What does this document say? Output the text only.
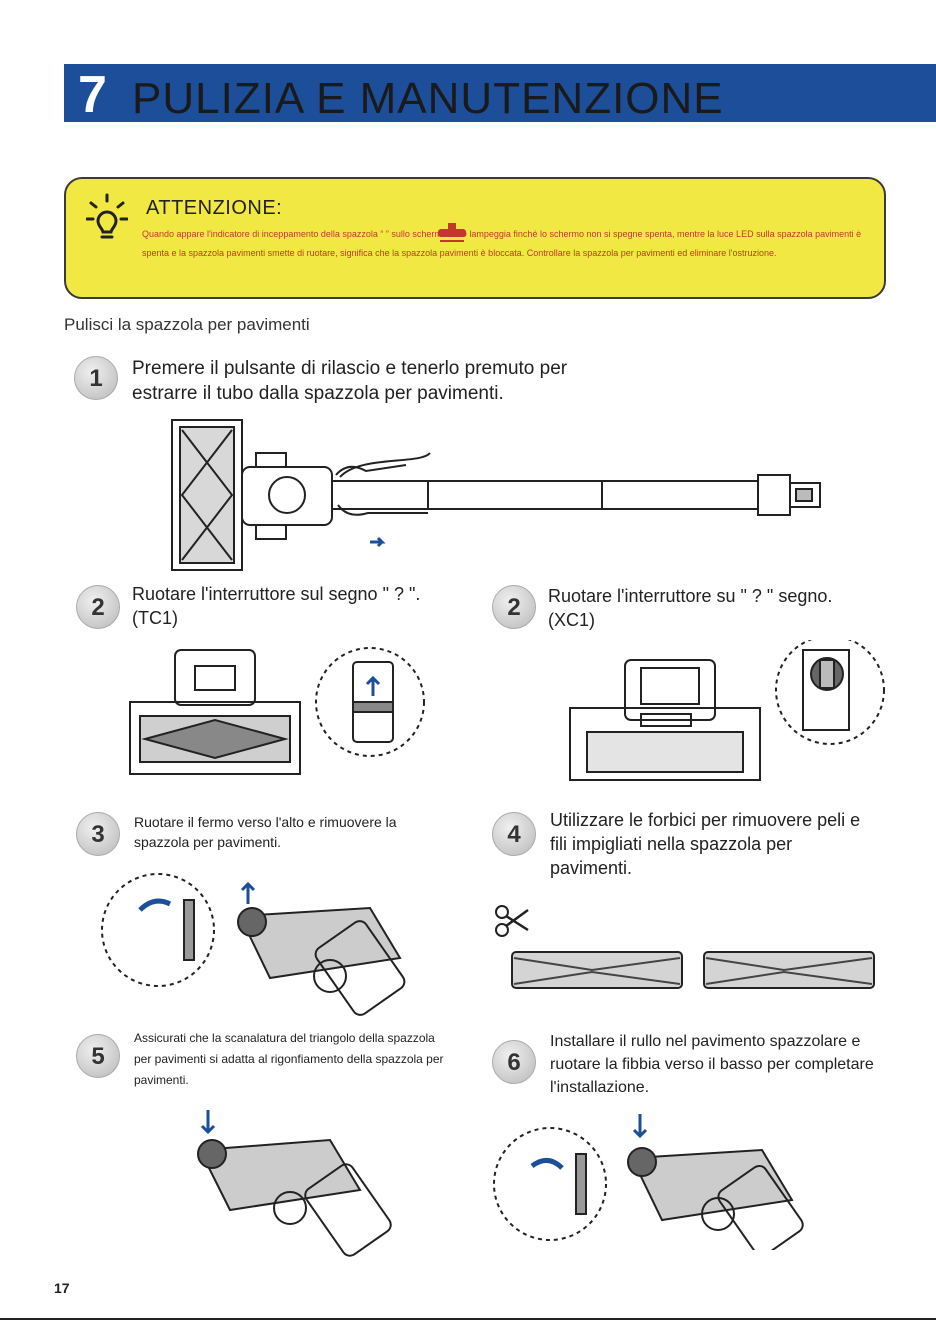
7 PULIZIA E MANUTENZIONE
ATTENZIONE:
Quando appare l'indicatore di inceppamento della spazzola “ ” sullo schermo LED lampeggia finché lo schermo non si spegne spenta, mentre la luce LED sulla spazzola pavimenti è spenta e la spazzola pavimenti smette di ruotare, significa che la spazzola pavimenti è bloccata. Controllare la spazzola per pavimenti ed eliminare l'ostruzione.
Pulisci la spazzola per pavimenti
1	Premere il pulsante di rilascio e tenerlo premuto per estrarre il tubo dalla spazzola per pavimenti.
2	Ruotare l'interruttore sul segno " ? ".(TC1)	2	Ruotare l'interruttore su " ? " segno.(XC1)
3	Ruotare il fermo verso l'alto e rimuovere la spazzola per pavimenti.	4
Utilizzare le forbici per rimuovere peli e fili impigliati nella spazzola per pavimenti.
5
Assicurati che la scanalatura del triangolo della spazzola per pavimenti si adatta al rigonfiamento della spazzola per pavimenti.
6
Installare il rullo nel pavimento spazzolare e ruotare la fibbia verso il basso per completare l'installazione.
17
